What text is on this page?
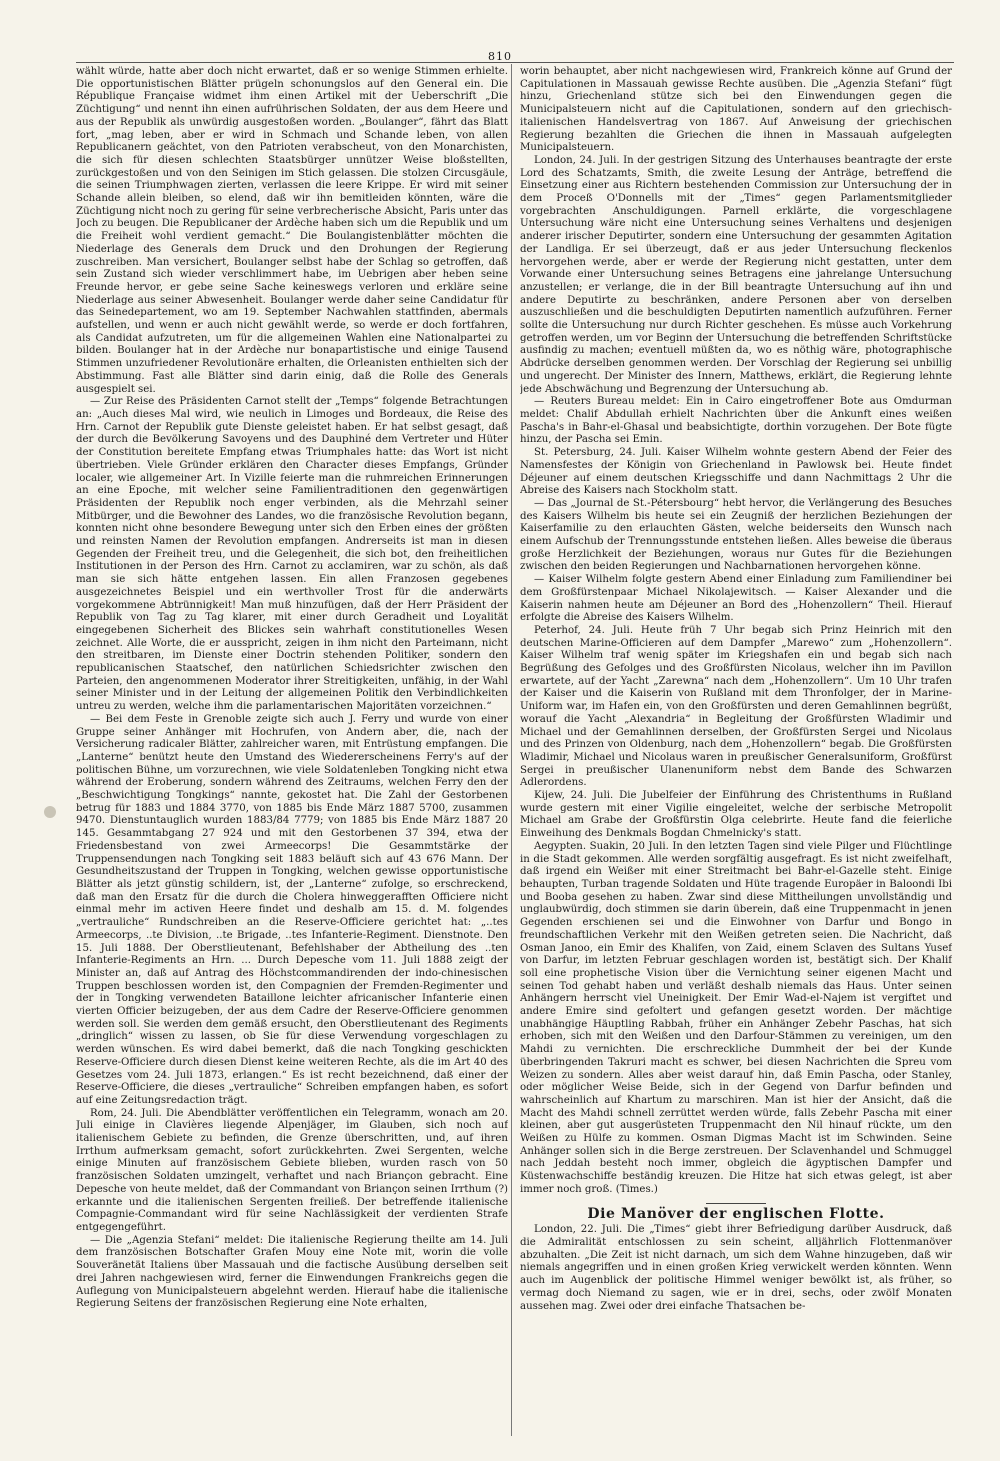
810

wählt würde, hatte aber doch nicht erwartet, daß er so wenige Stimmen erhielte. Die opportunistischen Blätter prügeln schonungslos auf den General ein. Die République Française widmet ihm einen Artikel mit der Ueberschrift „Die Züchtigung“ und nennt ihn einen aufrührischen Soldaten, der aus dem Heere und aus der Republik als unwürdig ausgestoßen worden. „Boulanger“, fährt das Blatt fort, „mag leben, aber er wird in Schmach und Schande leben, von allen Republicanern geächtet, von den Patrioten verabscheut, von den Monarchisten, die sich für diesen schlechten Staatsbürger unnützer Weise bloßstellten, zurückgestoßen und von den Seinigen im Stich gelassen. Die stolzen Circusgäule, die seinen Triumphwagen zierten, verlassen die leere Krippe. Er wird mit seiner Schande allein bleiben, so elend, daß wir ihn bemitleiden könnten, wäre die Züchtigung nicht noch zu gering für seine verbrecherische Absicht, Paris unter das Joch zu beugen. Die Republicaner der Ardèche haben sich um die Republik und um die Freiheit wohl verdient gemacht.“ Die Boulangistenblätter möchten die Niederlage des Generals dem Druck und den Drohungen der Regierung zuschreiben. Man versichert, Boulanger selbst habe der Schlag so getroffen, daß sein Zustand sich wieder verschlimmert habe, im Uebrigen aber heben seine Freunde hervor, er gebe seine Sache keineswegs verloren und erkläre seine Niederlage aus seiner Abwesenheit. Boulanger werde daher seine Candidatur für das Seinedepartement, wo am 19. September Nachwahlen stattfinden, abermals aufstellen, und wenn er auch nicht gewählt werde, so werde er doch fortfahren, als Candidat aufzutreten, um für die allgemeinen Wahlen eine Nationalpartei zu bilden. Boulanger hat in der Ardèche nur bonapartistische und einige Tausend Stimmen unzufriedener Revolutionäre erhalten, die Orleanisten enthielten sich der Abstimmung. Fast alle Blätter sind darin einig, daß die Rolle des Generals ausgespielt sei.

— Zur Reise des Präsidenten Carnot stellt der „Temps“ folgende Betrachtungen an: „Auch dieses Mal wird, wie neulich in Limoges und Bordeaux, die Reise des Hrn. Carnot der Republik gute Dienste geleistet haben. Er hat selbst gesagt, daß der durch die Bevölkerung Savoyens und des Dauphiné dem Vertreter und Hüter der Constitution bereitete Empfang etwas Triumphales hatte: das Wort ist nicht übertrieben. Viele Gründer erklären den Character dieses Empfangs, Gründer localer, wie allgemeiner Art. In Vizille feierte man die ruhmreichen Erinnerungen an eine Epoche, mit welcher seine Familientraditionen den gegenwärtigen Präsidenten der Republik noch enger verbinden, als die Mehrzahl seiner Mitbürger, und die Bewohner des Landes, wo die französische Revolution begann, konnten nicht ohne besondere Bewegung unter sich den Erben eines der größten und reinsten Namen der Revolution empfangen. Andrerseits ist man in diesen Gegenden der Freiheit treu, und die Gelegenheit, die sich bot, den freiheitlichen Institutionen in der Person des Hrn. Carnot zu acclamiren, war zu schön, als daß man sie sich hätte entgehen lassen. Ein allen Franzosen gegebenes ausgezeichnetes Beispiel und ein werthvoller Trost für die anderwärts vorgekommene Abtrünnigkeit! Man muß hinzufügen, daß der Herr Präsident der Republik von Tag zu Tag klarer, mit einer durch Geradheit und Loyalität eingegebenen Sicherheit des Blickes sein wahrhaft constitutionelles Wesen zeichnet. Alle Worte, die er ausspricht, zeigen in ihm nicht den Parteimann, nicht den streitbaren, im Dienste einer Doctrin stehenden Politiker, sondern den republicanischen Staatschef, den natürlichen Schiedsrichter zwischen den Parteien, den angenommenen Moderator ihrer Streitigkeiten, unfähig, in der Wahl seiner Minister und in der Leitung der allgemeinen Politik den Verbindlichkeiten untreu zu werden, welche ihm die parlamentarischen Majoritäten vorzeichnen.“

— Bei dem Feste in Grenoble zeigte sich auch J. Ferry und wurde von einer Gruppe seiner Anhänger mit Hochrufen, von Andern aber, die, nach der Versicherung radicaler Blätter, zahlreicher waren, mit Entrüstung empfangen. Die „Lanterne“ benützt heute den Umstand des Wiedererscheinens Ferry's auf der politischen Bühne, um vorzurechnen, wie viele Soldatenleben Tongking nicht etwa während der Eroberung, sondern während des Zeitraums, welchen Ferry den der „Beschwichtigung Tongkings“ nannte, gekostet hat. Die Zahl der Gestorbenen betrug für 1883 und 1884 3770, von 1885 bis Ende März 1887 5700, zusammen 9470. Dienstuntauglich wurden 1883/84 7779; von 1885 bis Ende März 1887 20 145. Gesammtabgang 27 924 und mit den Gestorbenen 37 394, etwa der Friedensbestand von zwei Armeecorps! Die Gesammtstärke der Truppensendungen nach Tongking seit 1883 beläuft sich auf 43 676 Mann. Der Gesundheitszustand der Truppen in Tongking, welchen gewisse opportunistische Blätter als jetzt günstig schildern, ist, der „Lanterne“ zufolge, so erschreckend, daß man den Ersatz für die durch die Cholera hinweggerafften Officiere nicht einmal mehr im activen Heere findet und deshalb am 15. d. M. folgendes „vertrauliche“ Rundschreiben an die Reserve-Officiere gerichtet hat: „..tes Armeecorps, ..te Division, ..te Brigade, ..tes Infanterie-Regiment. Dienstnote. Den 15. Juli 1888. Der Oberstlieutenant, Befehlshaber der Abtheilung des ..ten Infanterie-Regiments an Hrn. ... Durch Depesche vom 11. Juli 1888 zeigt der Minister an, daß auf Antrag des Höchstcommandirenden der indo-chinesischen Truppen beschlossen worden ist, den Compagnien der Fremden-Regimenter und der in Tongking verwendeten Bataillone leichter africanischer Infanterie einen vierten Officier beizugeben, der aus dem Cadre der Reserve-Officiere genommen werden soll. Sie werden dem gemäß ersucht, den Oberstlieutenant des Regiments „dringlich“ wissen zu lassen, ob Sie für diese Verwendung vorgeschlagen zu werden wünschen. Es wird dabei bemerkt, daß die nach Tongking geschickten Reserve-Officiere durch diesen Dienst keine weiteren Rechte, als die im Art 40 des Gesetzes vom 24. Juli 1873, erlangen.“ Es ist recht bezeichnend, daß einer der Reserve-Officiere, die dieses „vertrauliche“ Schreiben empfangen haben, es sofort auf eine Zeitungsredaction trägt.

Rom, 24. Juli. Die Abendblätter veröffentlichen ein Telegramm, wonach am 20. Juli einige in Clavières liegende Alpenjäger, im Glauben, sich noch auf italienischem Gebiete zu befinden, die Grenze überschritten, und, auf ihren Irrthum aufmerksam gemacht, sofort zurückkehrten. Zwei Sergenten, welche einige Minuten auf französischem Gebiete blieben, wurden rasch von 50 französischen Soldaten umzingelt, verhaftet und nach Briançon gebracht. Eine Depesche von heute meldet, daß der Commandant von Briançon seinen Irrthum (?) erkannte und die italienischen Sergenten freiließ. Der betreffende italienische Compagnie-Commandant wird für seine Nachlässigkeit der verdienten Strafe entgegengeführt.

— Die „Agenzia Stefani“ meldet: Die italienische Regierung theilte am 14. Juli dem französischen Botschafter Grafen Mouy eine Note mit, worin die volle Souveränetät Italiens über Massauah und die factische Ausübung derselben seit drei Jahren nachgewiesen wird, ferner die Einwendungen Frankreichs gegen die Auflegung von Municipalsteuern abgelehnt werden. Hierauf habe die italienische Regierung Seitens der französischen Regierung eine Note erhalten,

worin behauptet, aber nicht nachgewiesen wird, Frankreich könne auf Grund der Capitulationen in Massauah gewisse Rechte ausüben. Die „Agenzia Stefani“ fügt hinzu, Griechenland stütze sich bei den Einwendungen gegen die Municipalsteuern nicht auf die Capitulationen, sondern auf den griechisch-italienischen Handelsvertrag von 1867. Auf Anweisung der griechischen Regierung bezahlten die Griechen die ihnen in Massauah aufgelegten Municipalsteuern.

London, 24. Juli. In der gestrigen Sitzung des Unterhauses beantragte der erste Lord des Schatzamts, Smith, die zweite Lesung der Anträge, betreffend die Einsetzung einer aus Richtern bestehenden Commission zur Untersuchung der in dem Proceß O'Donnells mit der „Times“ gegen Parlamentsmitglieder vorgebrachten Anschuldigungen. Parnell erklärte, die vorgeschlagene Untersuchung wäre nicht eine Untersuchung seines Verhaltens und desjenigen anderer irischer Deputirter, sondern eine Untersuchung der gesammten Agitation der Landliga. Er sei überzeugt, daß er aus jeder Untersuchung fleckenlos hervorgehen werde, aber er werde der Regierung nicht gestatten, unter dem Vorwande einer Untersuchung seines Betragens eine jahrelange Untersuchung anzustellen; er verlange, die in der Bill beantragte Untersuchung auf ihn und andere Deputirte zu beschränken, andere Personen aber von derselben auszuschließen und die beschuldigten Deputirten namentlich aufzuführen. Ferner sollte die Untersuchung nur durch Richter geschehen. Es müsse auch Vorkehrung getroffen werden, um vor Beginn der Untersuchung die betreffenden Schriftstücke ausfindig zu machen; eventuell müßten da, wo es nöthig wäre, photographische Abdrücke derselben genommen werden. Der Vorschlag der Regierung sei unbillig und ungerecht. Der Minister des Innern, Matthews, erklärt, die Regierung lehnte jede Abschwächung und Begrenzung der Untersuchung ab.

— Reuters Bureau meldet: Ein in Cairo eingetroffener Bote aus Omdurman meldet: Chalif Abdullah erhielt Nachrichten über die Ankunft eines weißen Pascha's in Bahr-el-Ghasal und beabsichtigte, dorthin vorzugehen. Der Bote fügte hinzu, der Pascha sei Emin.

St. Petersburg, 24. Juli. Kaiser Wilhelm wohnte gestern Abend der Feier des Namensfestes der Königin von Griechenland in Pawlowsk bei. Heute findet Déjeuner auf einem deutschen Kriegsschiffe und dann Nachmittags 2 Uhr die Abreise des Kaisers nach Stockholm statt.

— Das „Journal de St.-Pétersbourg“ hebt hervor, die Verlängerung des Besuches des Kaisers Wilhelm bis heute sei ein Zeugniß der herzlichen Beziehungen der Kaiserfamilie zu den erlauchten Gästen, welche beiderseits den Wunsch nach einem Aufschub der Trennungsstunde entstehen ließen. Alles beweise die überaus große Herzlichkeit der Beziehungen, woraus nur Gutes für die Beziehungen zwischen den beiden Regierungen und Nachbarnationen hervorgehen könne.

— Kaiser Wilhelm folgte gestern Abend einer Einladung zum Familiendiner bei dem Großfürstenpaar Michael Nikolajewitsch. — Kaiser Alexander und die Kaiserin nahmen heute am Déjeuner an Bord des „Hohenzollern“ Theil. Hierauf erfolgte die Abreise des Kaisers Wilhelm.

Peterhof, 24. Juli. Heute früh 7 Uhr begab sich Prinz Heinrich mit den deutschen Marine-Officieren auf dem Dampfer „Marewo“ zum „Hohenzollern“. Kaiser Wilhelm traf wenig später im Kriegshafen ein und begab sich nach Begrüßung des Gefolges und des Großfürsten Nicolaus, welcher ihn im Pavillon erwartete, auf der Yacht „Zarewna“ nach dem „Hohenzollern“. Um 10 Uhr trafen der Kaiser und die Kaiserin von Rußland mit dem Thronfolger, der in Marine-Uniform war, im Hafen ein, von den Großfürsten und deren Gemahlinnen begrüßt, worauf die Yacht „Alexandria“ in Begleitung der Großfürsten Wladimir und Michael und der Gemahlinnen derselben, der Großfürsten Sergei und Nicolaus und des Prinzen von Oldenburg, nach dem „Hohenzollern“ begab. Die Großfürsten Wladimir, Michael und Nicolaus waren in preußischer Generalsuniform, Großfürst Sergei in preußischer Ulanenuniform nebst dem Bande des Schwarzen Adlerordens.

Kijew, 24. Juli. Die Jubelfeier der Einführung des Christenthums in Rußland wurde gestern mit einer Vigilie eingeleitet, welche der serbische Metropolit Michael am Grabe der Großfürstin Olga celebrirte. Heute fand die feierliche Einweihung des Denkmals Bogdan Chmelnicky's statt.

Aegypten. Suakin, 20 Juli. In den letzten Tagen sind viele Pilger und Flüchtlinge in die Stadt gekommen. Alle werden sorgfältig ausgefragt. Es ist nicht zweifelhaft, daß irgend ein Weißer mit einer Streitmacht bei Bahr-el-Gazelle steht. Einige behaupten, Turban tragende Soldaten und Hüte tragende Europäer in Baloondi Ibi und Booba gesehen zu haben. Zwar sind diese Mittheilungen unvollständig und unglaubwürdig, doch stimmen sie darin überein, daß eine Truppenmacht in jenen Gegenden erschienen sei und die Einwohner von Darfur und Bongo in freundschaftlichen Verkehr mit den Weißen getreten seien. Die Nachricht, daß Osman Janoo, ein Emir des Khalifen, von Zaid, einem Sclaven des Sultans Yusef von Darfur, im letzten Februar geschlagen worden ist, bestätigt sich. Der Khalif soll eine prophetische Vision über die Vernichtung seiner eigenen Macht und seinen Tod gehabt haben und verläßt deshalb niemals das Haus. Unter seinen Anhängern herrscht viel Uneinigkeit. Der Emir Wad-el-Najem ist vergiftet und andere Emire sind gefoltert und gefangen gesetzt worden. Der mächtige unabhängige Häuptling Rabbah, früher ein Anhänger Zebehr Paschas, hat sich erhoben, sich mit den Weißen und den Darfour-Stämmen zu vereinigen, um den Mahdi zu vernichten. Die erschreckliche Dummheit der bei der Kunde überbringenden Takruri macht es schwer, bei diesen Nachrichten die Spreu vom Weizen zu sondern. Alles aber weist darauf hin, daß Emin Pascha, oder Stanley, oder möglicher Weise Beide, sich in der Gegend von Darfur befinden und wahrscheinlich auf Khartum zu marschiren. Man ist hier der Ansicht, daß die Macht des Mahdi schnell zerrüttet werden würde, falls Zebehr Pascha mit einer kleinen, aber gut ausgerüsteten Truppenmacht den Nil hinauf rückte, um den Weißen zu Hülfe zu kommen. Osman Digmas Macht ist im Schwinden. Seine Anhänger sollen sich in die Berge zerstreuen. Der Sclavenhandel und Schmuggel nach Jeddah besteht noch immer, obgleich die ägyptischen Dampfer und Küstenwachschiffe beständig kreuzen. Die Hitze hat sich etwas gelegt, ist aber immer noch groß. (Times.)

Die Manöver der englischen Flotte.

London, 22. Juli. Die „Times“ giebt ihrer Befriedigung darüber Ausdruck, daß die Admiralität entschlossen zu sein scheint, alljährlich Flottenmanöver abzuhalten. „Die Zeit ist nicht darnach, um sich dem Wahne hinzugeben, daß wir niemals angegriffen und in einen großen Krieg verwickelt werden könnten. Wenn auch im Augenblick der politische Himmel weniger bewölkt ist, als früher, so vermag doch Niemand zu sagen, wie er in drei, sechs, oder zwölf Monaten aussehen mag. Zwei oder drei einfache Thatsachen be-
